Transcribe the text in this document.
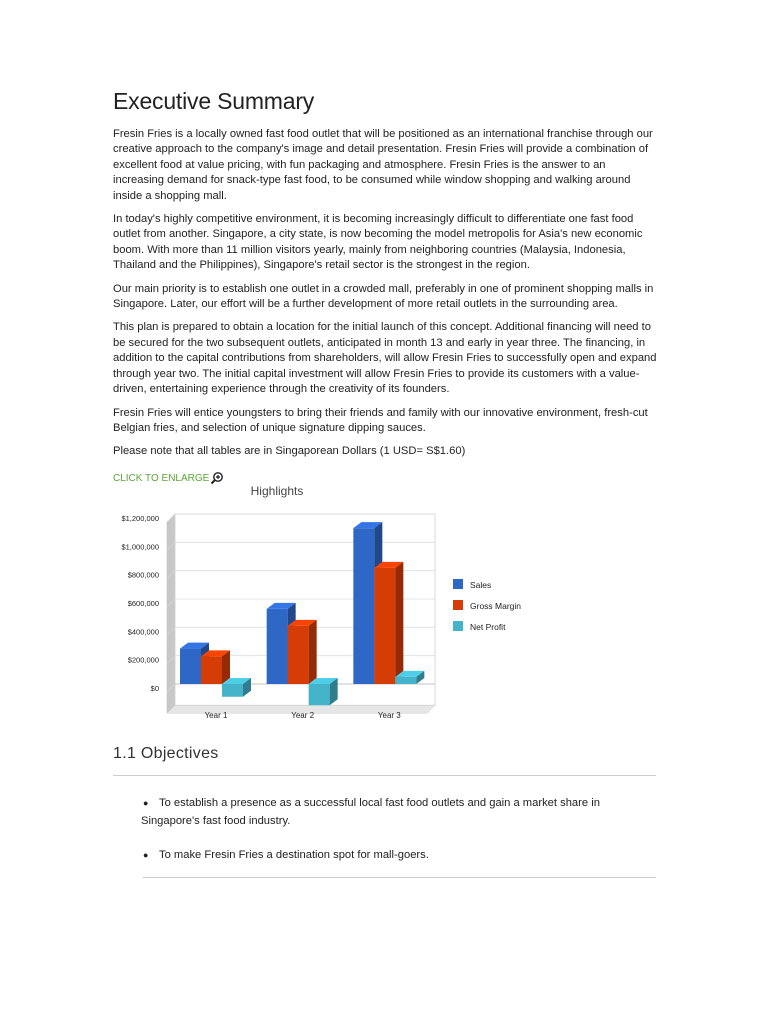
Executive Summary

Fresin Fries is a locally owned fast food outlet that will be positioned as an international franchise through our creative approach to the company's image and detail presentation. Fresin Fries will provide a combination of excellent food at value pricing, with fun packaging and atmosphere. Fresin Fries is the answer to an increasing demand for snack-type fast food, to be consumed while window shopping and walking around inside a shopping mall.

In today's highly competitive environment, it is becoming increasingly difficult to differentiate one fast food outlet from another. Singapore, a city state, is now becoming the model metropolis for Asia's new economic boom. With more than 11 million visitors yearly, mainly from neighboring countries (Malaysia, Indonesia, Thailand and the Philippines), Singapore's retail sector is the strongest in the region.

Our main priority is to establish one outlet in a crowded mall, preferably in one of prominent shopping malls in Singapore. Later, our effort will be a further development of more retail outlets in the surrounding area.

This plan is prepared to obtain a location for the initial launch of this concept. Additional financing will need to be secured for the two subsequent outlets, anticipated in month 13 and early in year three. The financing, in addition to the capital contributions from shareholders, will allow Fresin Fries to successfully open and expand through year two. The initial capital investment will allow Fresin Fries to provide its customers with a value-driven, entertaining experience through the creativity of its founders.

Fresin Fries will entice youngsters to bring their friends and family with our innovative environment, fresh-cut Belgian fries, and selection of unique signature dipping sauces.

Please note that all tables are in Singaporean Dollars (1 USD= S$1.60)

CLICK TO ENLARGE
Highlights
$1,200,000
$1,000,000
$800,000
$600,000
$400,000
$200,000
$0
Year 1	Year 2	Year 3
Sales
Gross Margin
Net Profit
1.1 Objectives
● To establish a presence as a successful local fast food outlets and gain a market share in
Singapore's fast food industry.
● To make Fresin Fries a destination spot for mall-goers.
